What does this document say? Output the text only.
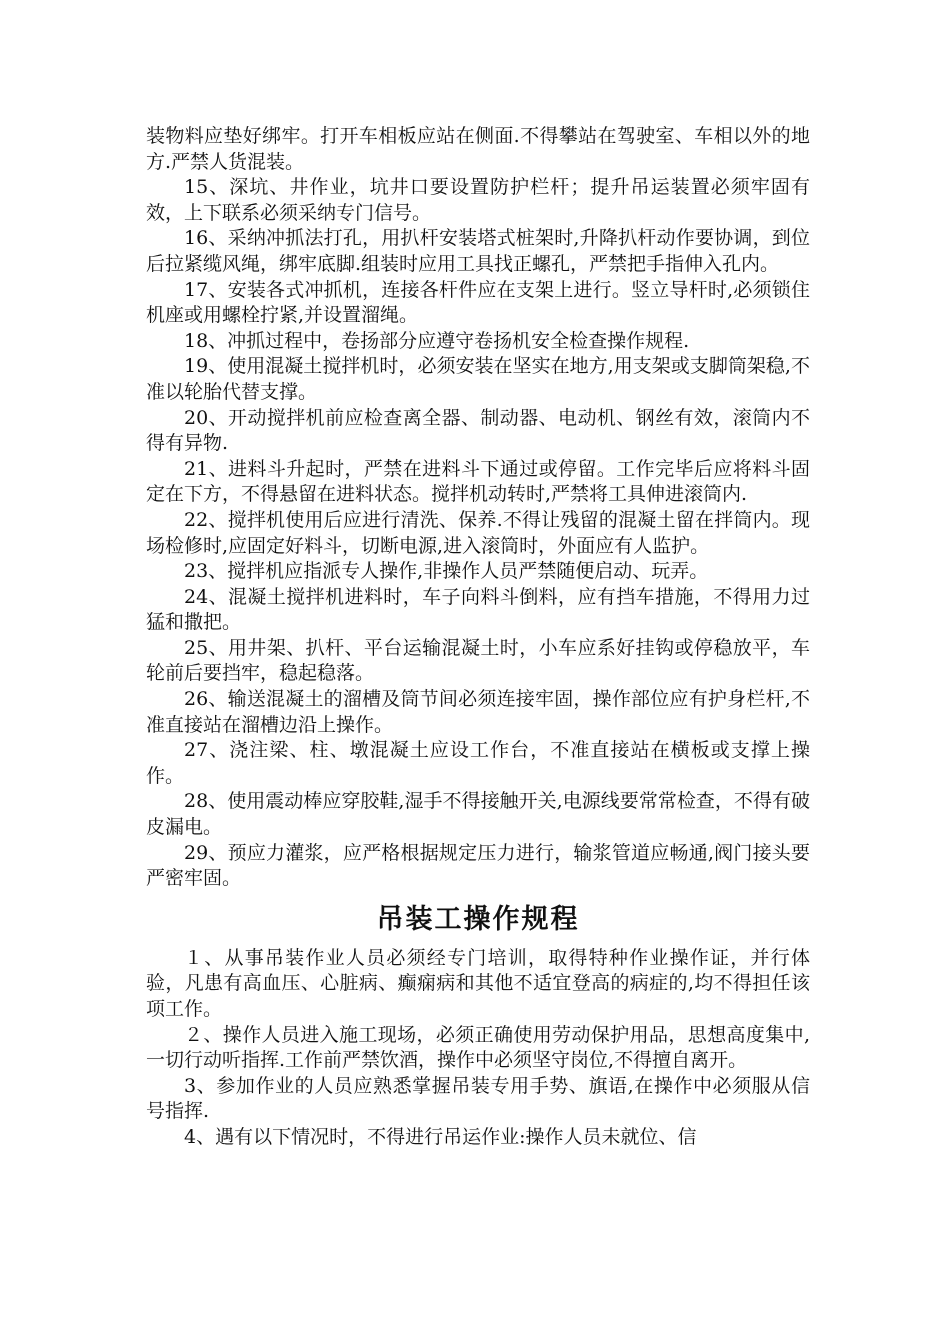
装物料应垫好绑牢。打开车相板应站在侧面.不得攀站在驾驶室、车相以外的地方.严禁人货混装。

15、深坑、井作业，坑井口要设置防护栏杆；提升吊运装置必须牢固有效，上下联系必须采纳专门信号。

16、采纳冲抓法打孔，用扒杆安装塔式桩架时,升降扒杆动作要协调，到位后拉紧缆风绳，绑牢底脚.组装时应用工具找正螺孔，严禁把手指伸入孔内。

17、安装各式冲抓机，连接各杆件应在支架上进行。竖立导杆时,必须锁住机座或用螺栓拧紧,并设置溜绳。

18、冲抓过程中，卷扬部分应遵守卷扬机安全检查操作规程.

19、使用混凝土搅拌机时，必须安装在坚实在地方,用支架或支脚筒架稳,不准以轮胎代替支撑。

20、开动搅拌机前应检查离全器、制动器、电动机、钢丝有效，滚筒内不得有异物.

21、进料斗升起时，严禁在进料斗下通过或停留。工作完毕后应将料斗固定在下方，不得悬留在进料状态。搅拌机动转时,严禁将工具伸进滚筒内.

22、搅拌机使用后应进行清洗、保养.不得让残留的混凝土留在拌筒内。现场检修时,应固定好料斗，切断电源,进入滚筒时，外面应有人监护。

23、搅拌机应指派专人操作,非操作人员严禁随便启动、玩弄。

24、混凝土搅拌机进料时，车子向料斗倒料，应有挡车措施，不得用力过猛和撒把。

25、用井架、扒杆、平台运输混凝土时，小车应系好挂钩或停稳放平，车轮前后要挡牢，稳起稳落。

26、输送混凝土的溜槽及筒节间必须连接牢固，操作部位应有护身栏杆,不准直接站在溜槽边沿上操作。

27、浇注梁、柱、墩混凝土应设工作台，不准直接站在横板或支撑上操作。

28、使用震动棒应穿胶鞋,湿手不得接触开关,电源线要常常检查，不得有破皮漏电。

29、预应力灌浆，应严格根据规定压力进行，输浆管道应畅通,阀门接头要严密牢固。

吊装工操作规程

１、从事吊装作业人员必须经专门培训，取得特种作业操作证，并行体验，凡患有高血压、心脏病、癫痫病和其他不适宜登高的病症的,均不得担任该项工作。

２、操作人员进入施工现场，必须正确使用劳动保护用品，思想高度集中,一切行动听指挥.工作前严禁饮酒，操作中必须坚守岗位,不得擅自离开。

3、参加作业的人员应熟悉掌握吊装专用手势、旗语,在操作中必须服从信号指挥.

4、遇有以下情况时，不得进行吊运作业:操作人员未就位、信
